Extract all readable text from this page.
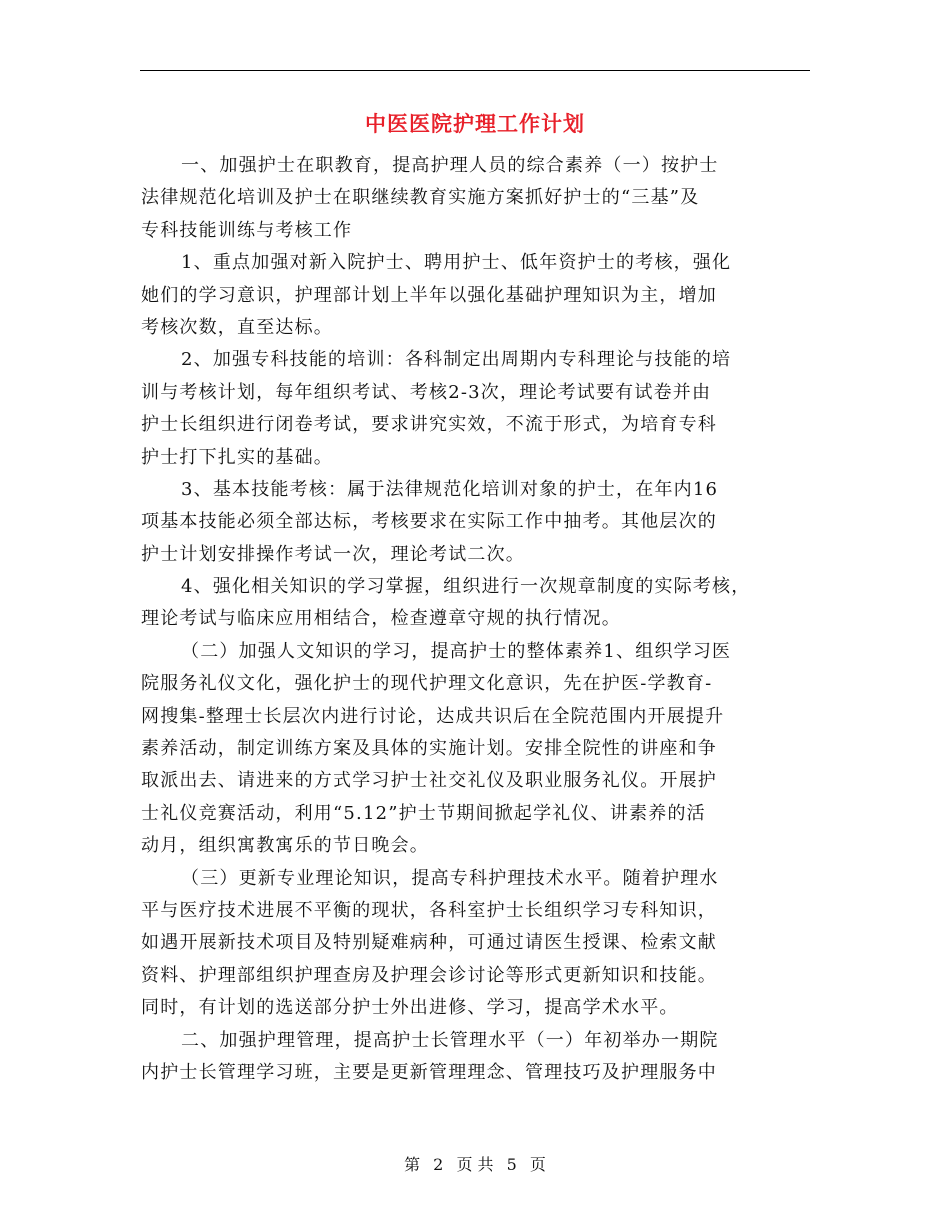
中医医院护理工作计划
一、加强护士在职教育，提高护理人员的综合素养（一）按护士
法律规范化培训及护士在职继续教育实施方案抓好护士的“三基”及
专科技能训练与考核工作
1、重点加强对新入院护士、聘用护士、低年资护士的考核，强化
她们的学习意识，护理部计划上半年以强化基础护理知识为主，增加
考核次数，直至达标。
2、加强专科技能的培训：各科制定出周期内专科理论与技能的培
训与考核计划，每年组织考试、考核2-3次，理论考试要有试卷并由
护士长组织进行闭卷考试，要求讲究实效，不流于形式，为培育专科
护士打下扎实的基础。
3、基本技能考核：属于法律规范化培训对象的护士，在年内16
项基本技能必须全部达标，考核要求在实际工作中抽考。其他层次的
护士计划安排操作考试一次，理论考试二次。
4、强化相关知识的学习掌握，组织进行一次规章制度的实际考核，
理论考试与临床应用相结合，检查遵章守规的执行情况。
（二）加强人文知识的学习，提高护士的整体素养1、组织学习医
院服务礼仪文化，强化护士的现代护理文化意识，先在护医-学教育-
网搜集-整理士长层次内进行讨论，达成共识后在全院范围内开展提升
素养活动，制定训练方案及具体的实施计划。安排全院性的讲座和争
取派出去、请进来的方式学习护士社交礼仪及职业服务礼仪。开展护
士礼仪竞赛活动，利用“5.12”护士节期间掀起学礼仪、讲素养的活
动月，组织寓教寓乐的节日晚会。
（三）更新专业理论知识，提高专科护理技术水平。随着护理水
平与医疗技术进展不平衡的现状，各科室护士长组织学习专科知识，
如遇开展新技术项目及特别疑难病种，可通过请医生授课、检索文献
资料、护理部组织护理查房及护理会诊讨论等形式更新知识和技能。
同时，有计划的选送部分护士外出进修、学习，提高学术水平。
二、加强护理管理，提高护士长管理水平（一）年初举办一期院
内护士长管理学习班，主要是更新管理理念、管理技巧及护理服务中
第 2 页 共 5 页
